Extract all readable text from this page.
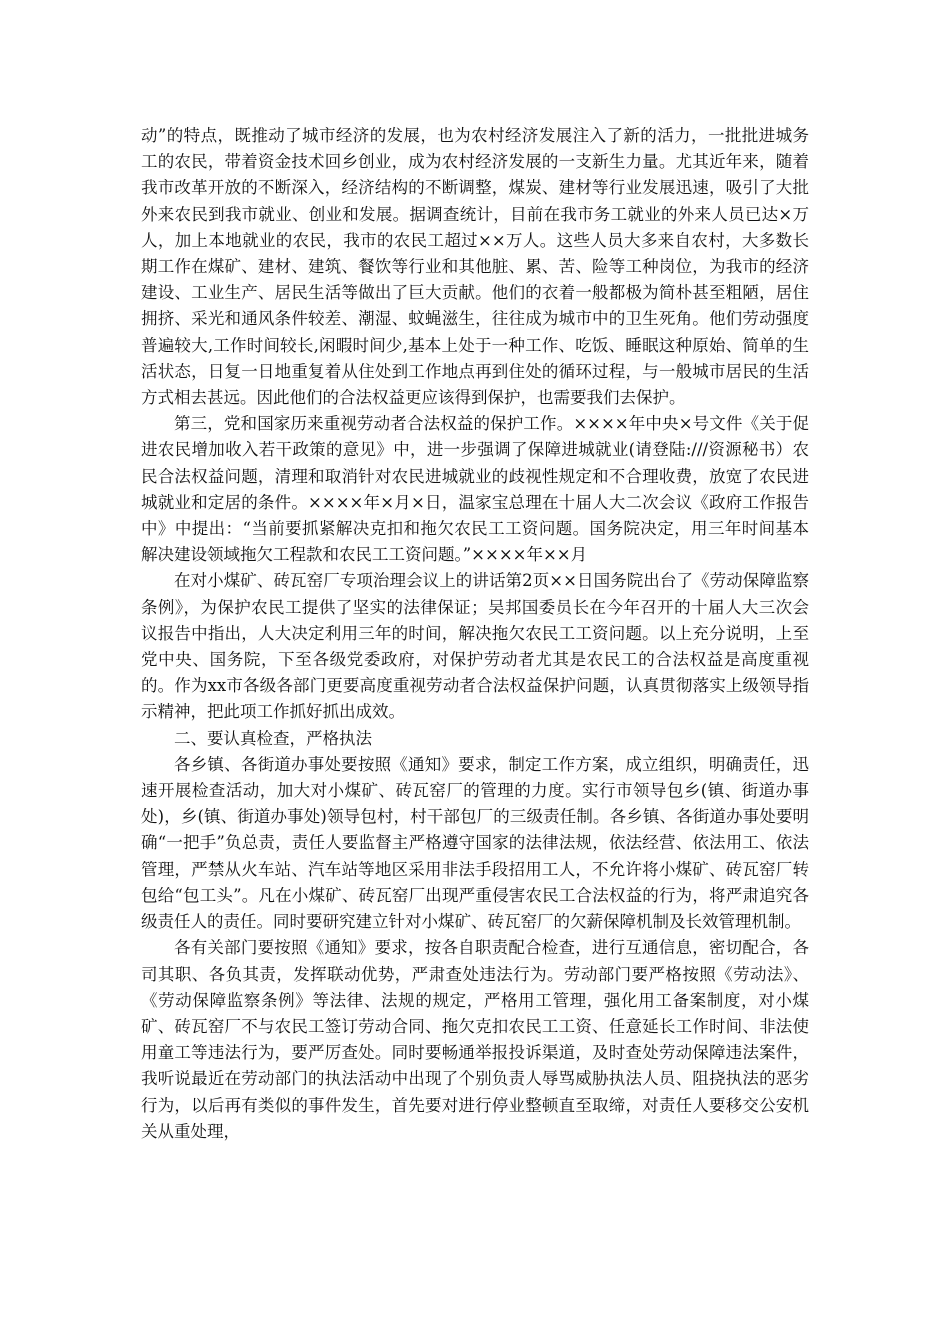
动”的特点，既推动了城市经济的发展，也为农村经济发展注入了新的活力，一批批进城务工的农民，带着资金技术回乡创业，成为农村经济发展的一支新生力量。尤其近年来，随着我市改革开放的不断深入，经济结构的不断调整，煤炭、建材等行业发展迅速，吸引了大批外来农民到我市就业、创业和发展。据调查统计，目前在我市务工就业的外来人员已达×万人，加上本地就业的农民，我市的农民工超过××万人。这些人员大多来自农村，大多数长期工作在煤矿、建材、建筑、餐饮等行业和其他脏、累、苦、险等工种岗位，为我市的经济建设、工业生产、居民生活等做出了巨大贡献。他们的衣着一般都极为简朴甚至粗陋，居住拥挤、采光和通风条件较差、潮湿、蚊蝇滋生，往往成为城市中的卫生死角。他们劳动强度普遍较大,工作时间较长,闲暇时间少,基本上处于一种工作、吃饭、睡眠这种原始、简单的生活状态，日复一日地重复着从住处到工作地点再到住处的循环过程，与一般城市居民的生活方式相去甚远。因此他们的合法权益更应该得到保护，也需要我们去保护。

第三，党和国家历来重视劳动者合法权益的保护工作。××××年中央×号文件《关于促进农民增加收入若干政策的意见》中，进一步强调了保障进城就业(请登陆:///资源秘书）农民合法权益问题，清理和取消针对农民进城就业的歧视性规定和不合理收费，放宽了农民进城就业和定居的条件。××××年×月×日，温家宝总理在十届人大二次会议《政府工作报告中》中提出：“当前要抓紧解决克扣和拖欠农民工工资问题。国务院决定，用三年时间基本解决建设领域拖欠工程款和农民工工资问题。”××××年××月

在对小煤矿、砖瓦窑厂专项治理会议上的讲话第2页××日国务院出台了《劳动保障监察条例》，为保护农民工提供了坚实的法律保证；吴邦国委员长在今年召开的十届人大三次会议报告中指出，人大决定利用三年的时间，解决拖欠农民工工资问题。以上充分说明，上至党中央、国务院，下至各级党委政府，对保护劳动者尤其是农民工的合法权益是高度重视的。作为xx市各级各部门更要高度重视劳动者合法权益保护问题，认真贯彻落实上级领导指示精神，把此项工作抓好抓出成效。

二、要认真检查，严格执法

各乡镇、各街道办事处要按照《通知》要求，制定工作方案，成立组织，明确责任，迅速开展检查活动，加大对小煤矿、砖瓦窑厂的管理的力度。实行市领导包乡(镇、街道办事处)，乡(镇、街道办事处)领导包村，村干部包厂的三级责任制。各乡镇、各街道办事处要明确“一把手”负总责，责任人要监督主严格遵守国家的法律法规，依法经营、依法用工、依法管理，严禁从火车站、汽车站等地区采用非法手段招用工人，不允许将小煤矿、砖瓦窑厂转包给“包工头”。凡在小煤矿、砖瓦窑厂出现严重侵害农民工合法权益的行为，将严肃追究各级责任人的责任。同时要研究建立针对小煤矿、砖瓦窑厂的欠薪保障机制及长效管理机制。

各有关部门要按照《通知》要求，按各自职责配合检查，进行互通信息，密切配合，各司其职、各负其责，发挥联动优势，严肃查处违法行为。劳动部门要严格按照《劳动法》、《劳动保障监察条例》等法律、法规的规定，严格用工管理，强化用工备案制度，对小煤矿、砖瓦窑厂不与农民工签订劳动合同、拖欠克扣农民工工资、任意延长工作时间、非法使用童工等违法行为，要严厉查处。同时要畅通举报投诉渠道，及时查处劳动保障违法案件，我听说最近在劳动部门的执法活动中出现了个别负责人辱骂威胁执法人员、阻挠执法的恶劣行为，以后再有类似的事件发生，首先要对进行停业整顿直至取缔，对责任人要移交公安机关从重处理，
